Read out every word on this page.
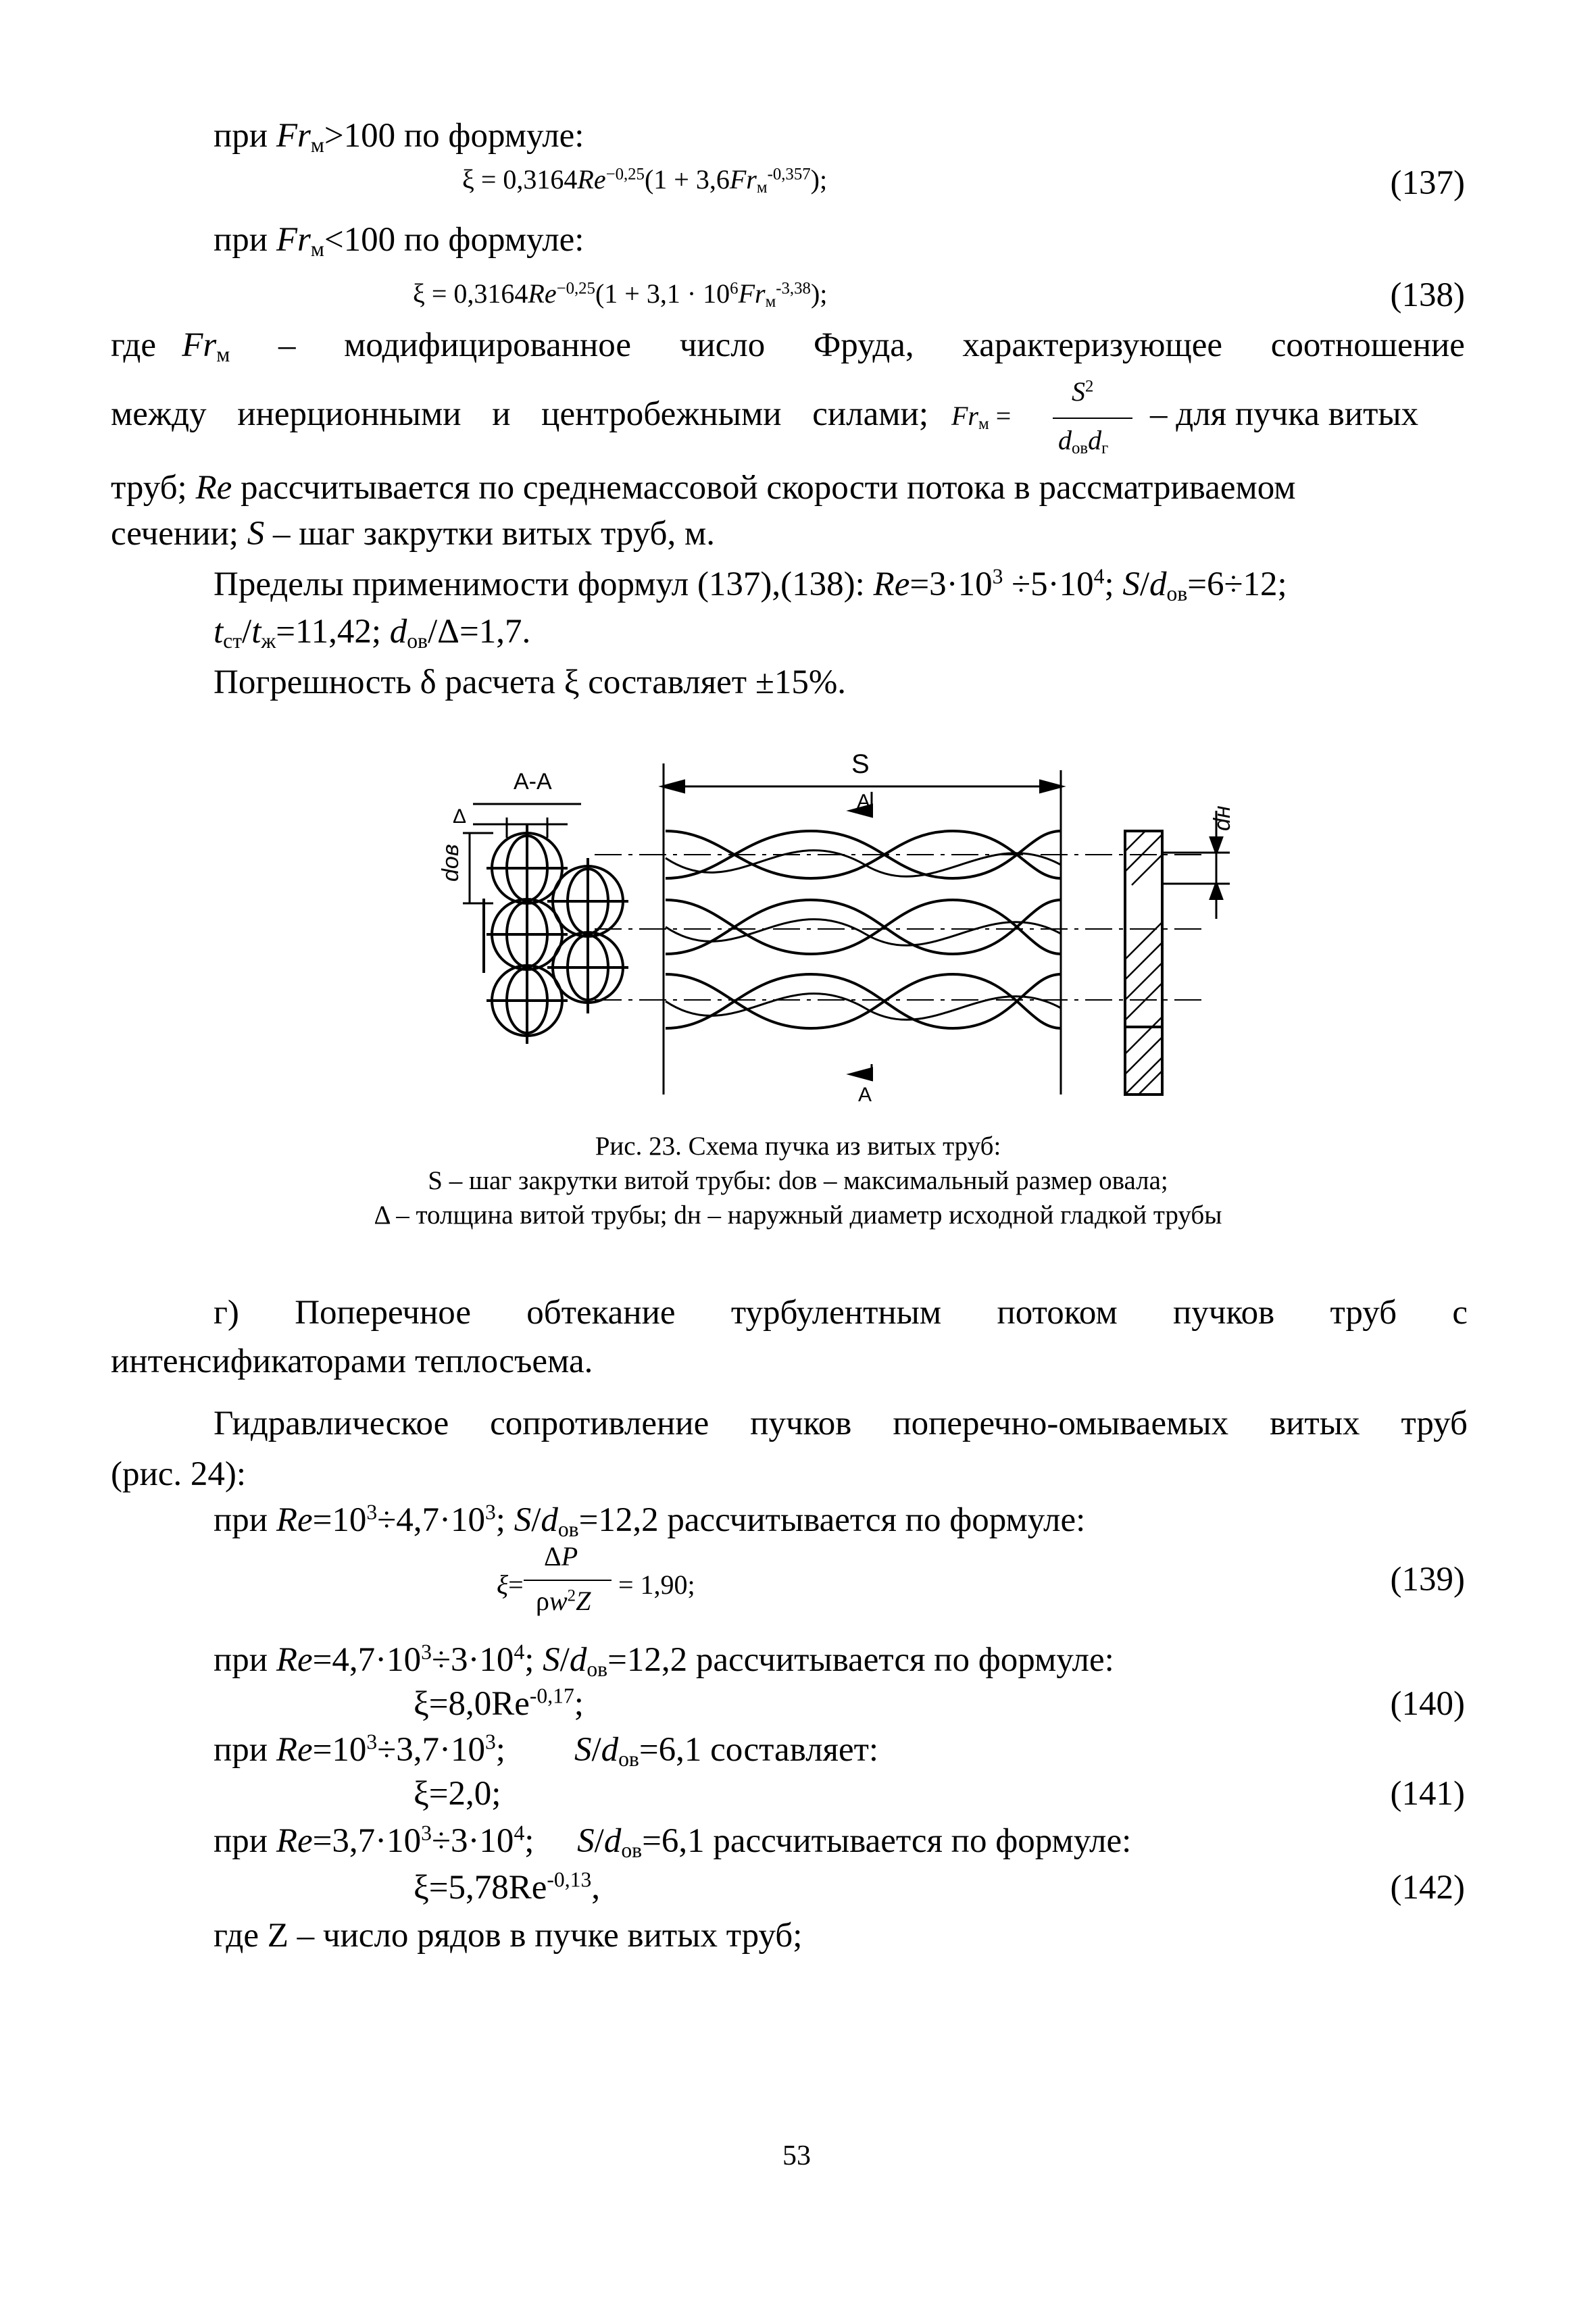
при $Fr_м>100$ по формуле:
$\xi = 0,3164Re^{-0,25}(1 + 3,6Fr_м^{-0,357})$;	(137)
при $Fr_м<100$ по формуле:
$\xi = 0,3164Re^{-0,25}(1 + 3,1 \cdot 10^6Fr_м^{-3,38})$;	(138)
где $Fr_м$ – модифицированное число Фруда, характеризующее соотношение
между инерционными и центробежными силами; $Fr_м$ =
$S^2$
$d_{ов}d_г$
– для пучка витых
труб; Re рассчитывается по среднемассовой скорости потока в рассматриваемом
сечении; S – шаг закрутки витых труб, м.
Пределы применимости формул (137),(138): $Re=3\cdot 10^3 \div 5\cdot 10^4$; $S/d_{ов}=6\div 12$;
$t_{ст}/t_ж=11,42$; $d_{ов}/\Delta=1,7$.
Погрешность δ расчета ξ составляет ±15%.
А-А
Δ
dов
S
А
А
dн
Рис. 23. Схема пучка из витых труб:
S – шаг закрутки витой трубы: dов – максимальный размер овала;
Δ – толщина витой трубы; dн – наружный диаметр исходной гладкой трубы
г) Поперечное обтекание турбулентным потоком пучков труб с
интенсификаторами теплосъема.
Гидравлическое сопротивление пучков поперечно-омываемых витых труб
(рис. 24):
при $Re=10^3\div 4,7\cdot 10^3$; $S/d_{ов}=12,2$ рассчитывается по формуле:
ξ=
ΔP
$\rho w^2Z$
= 1,90;	(139)
при $Re=4,7\cdot 10^3\div 3\cdot 10^4$; $S/d_{ов}=12,2$ рассчитывается по формуле:
$\xi=8,0Re^{-0,17}$;	(140)
при $Re=10^3\div 3,7\cdot 10^3$;        $S/d_{ов}=6,1$ составляет:
ξ=2,0;	(141)
при $Re=3,7\cdot 10^3\div 3\cdot 10^4$;     $S/d_{ов}=6,1$ рассчитывается по формуле:
$\xi=5,78Re^{-0,13}$,	(142)
где Z – число рядов в пучке витых труб;
53
